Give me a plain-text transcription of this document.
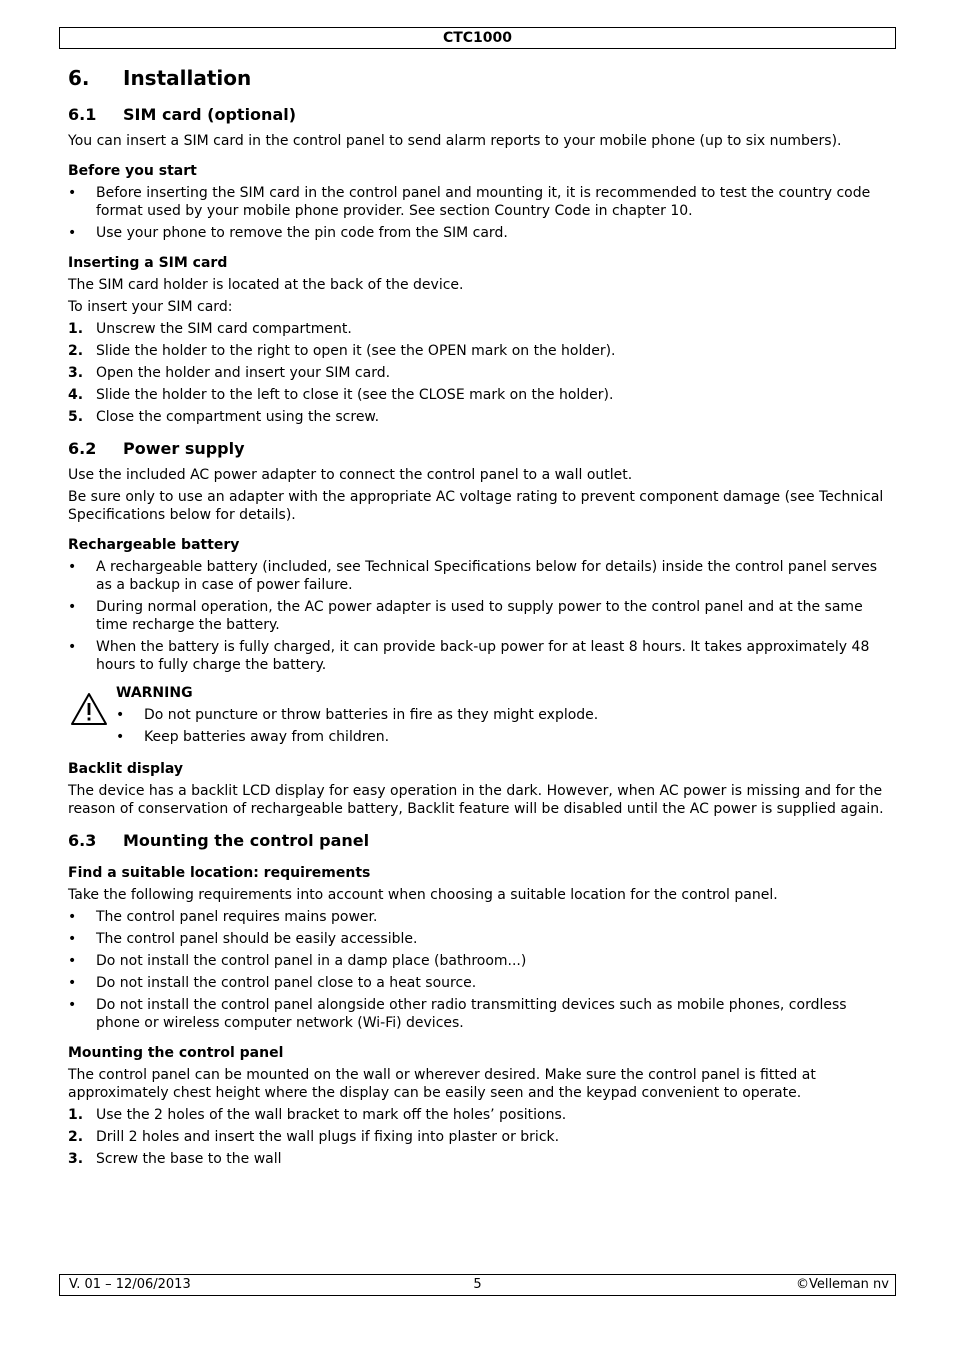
CTC1000
6. Installation
6.1 SIM card (optional)

You can insert a SIM card in the control panel to send alarm reports to your mobile phone (up to six numbers).

Before you start
•	Before inserting the SIM card in the control panel and mounting it, it is recommended to test the country code format used by your mobile phone provider. See section Country Code in chapter 10.
•	Use your phone to remove the pin code from the SIM card.
Inserting a SIM card

The SIM card holder is located at the back of the device.

To insert your SIM card:

1. Unscrew the SIM card compartment.
2. Slide the holder to the right to open it (see the OPEN mark on the holder).
3. Open the holder and insert your SIM card.
4. Slide the holder to the left to close it (see the CLOSE mark on the holder).
5. Close the compartment using the screw.
6.2 Power supply

Use the included AC power adapter to connect the control panel to a wall outlet.

Be sure only to use an adapter with the appropriate AC voltage rating to prevent component damage (see Technical Specifications below for details).

Rechargeable battery
•	A rechargeable battery (included, see Technical Specifications below for details) inside the control panel serves as a backup in case of power failure.
•	During normal operation, the AC power adapter is used to supply power to the control panel and at the same time recharge the battery.
•	When the battery is fully charged, it can provide back-up power for at least 8 hours. It takes approximately 48 hours to fully charge the battery.
WARNING
•	Do not puncture or throw batteries in fire as they might explode.
•	Keep batteries away from children.
Backlit display

The device has a backlit LCD display for easy operation in the dark. However, when AC power is missing and for the reason of conservation of rechargeable battery, Backlit feature will be disabled until the AC power is supplied again.

6.3 Mounting the control panel
Find a suitable location: requirements

Take the following requirements into account when choosing a suitable location for the control panel.

•	The control panel requires mains power.
•	The control panel should be easily accessible.
•	Do not install the control panel in a damp place (bathroom...)
•	Do not install the control panel close to a heat source.
•	Do not install the control panel alongside other radio transmitting devices such as mobile phones, cordless phone or wireless computer network (Wi-Fi) devices.
Mounting the control panel

The control panel can be mounted on the wall or wherever desired. Make sure the control panel is fitted at approximately chest height where the display can be easily seen and the keypad convenient to operate.

1. Use the 2 holes of the wall bracket to mark off the holes’ positions.
2. Drill 2 holes and insert the wall plugs if fixing into plaster or brick.
3. Screw the base to the wall
V. 01 – 12/06/2013	5	©Velleman nv
